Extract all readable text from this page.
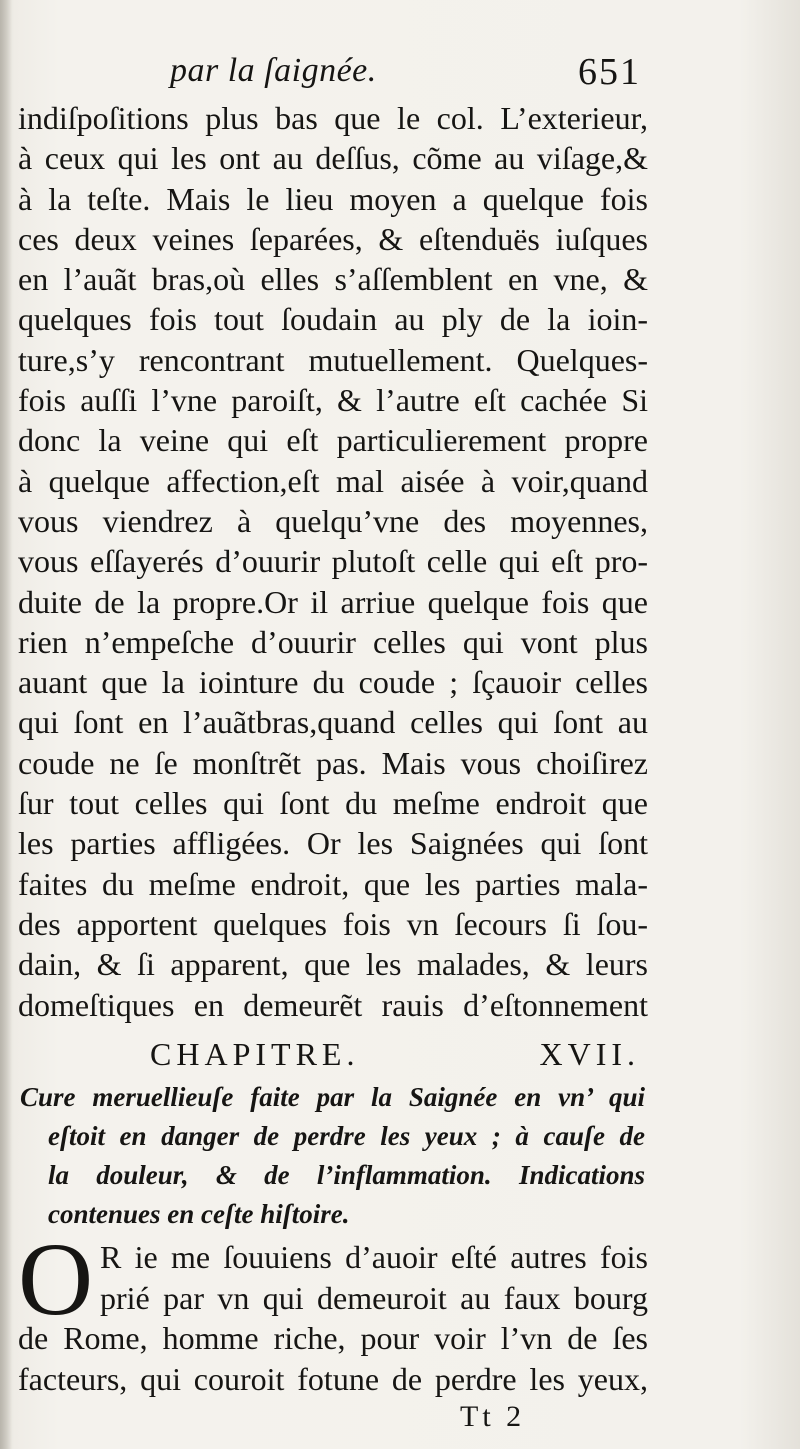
par la ſaignée.	651
indiſpoſitions plus bas que le col. L’exterieur,
à ceux qui les ont au deſſus, cõme au viſage,&
à la teſte. Mais le lieu moyen a quelque fois
ces deux veines ſeparées, & eſtenduës iuſques
en l’auãt bras,où elles s’aſſemblent en vne, &
quelques fois tout ſoudain au ply de la ioin-
ture,s’y rencontrant mutuellement. Quelques-
fois auſſi l’vne paroiſt, & l’autre eſt cachée Si
donc la veine qui eſt particulierement propre
à quelque affection,eſt mal aisée à voir,quand
vous viendrez à quelqu’vne des moyennes,
vous eſſayerés d’ouurir plutoſt celle qui eſt pro-
duite de la propre.Or il arriue quelque fois que
rien n’empeſche d’ouurir celles qui vont plus
auant que la iointure du coude ; ſçauoir celles
qui ſont en l’auãtbras,quand celles qui ſont au
coude ne ſe monſtrẽt pas. Mais vous choiſirez
ſur tout celles qui ſont du meſme endroit que
les parties affligées. Or les Saignées qui ſont
faites du meſme endroit, que les parties mala-
des apportent quelques fois vn ſecours ſi ſou-
dain, & ſi apparent, que les malades, & leurs
domeſtiques en demeurẽt rauis d’eſtonnement
CHAPITRE. XVII.
Cure meruellieuſe faite par la Saignée en vn’ qui
eſtoit en danger de perdre les yeux ; à cauſe de
la douleur, & de l’inflammation. Indications
contenues en ceſte hiſtoire.
O R ie me ſouuiens d’auoir eſté autres fois
prié par vn qui demeuroit au faux bourg
de Rome, homme riche, pour voir l’vn de ſes
facteurs, qui couroit fotune de perdre les yeux,
Tt 2
